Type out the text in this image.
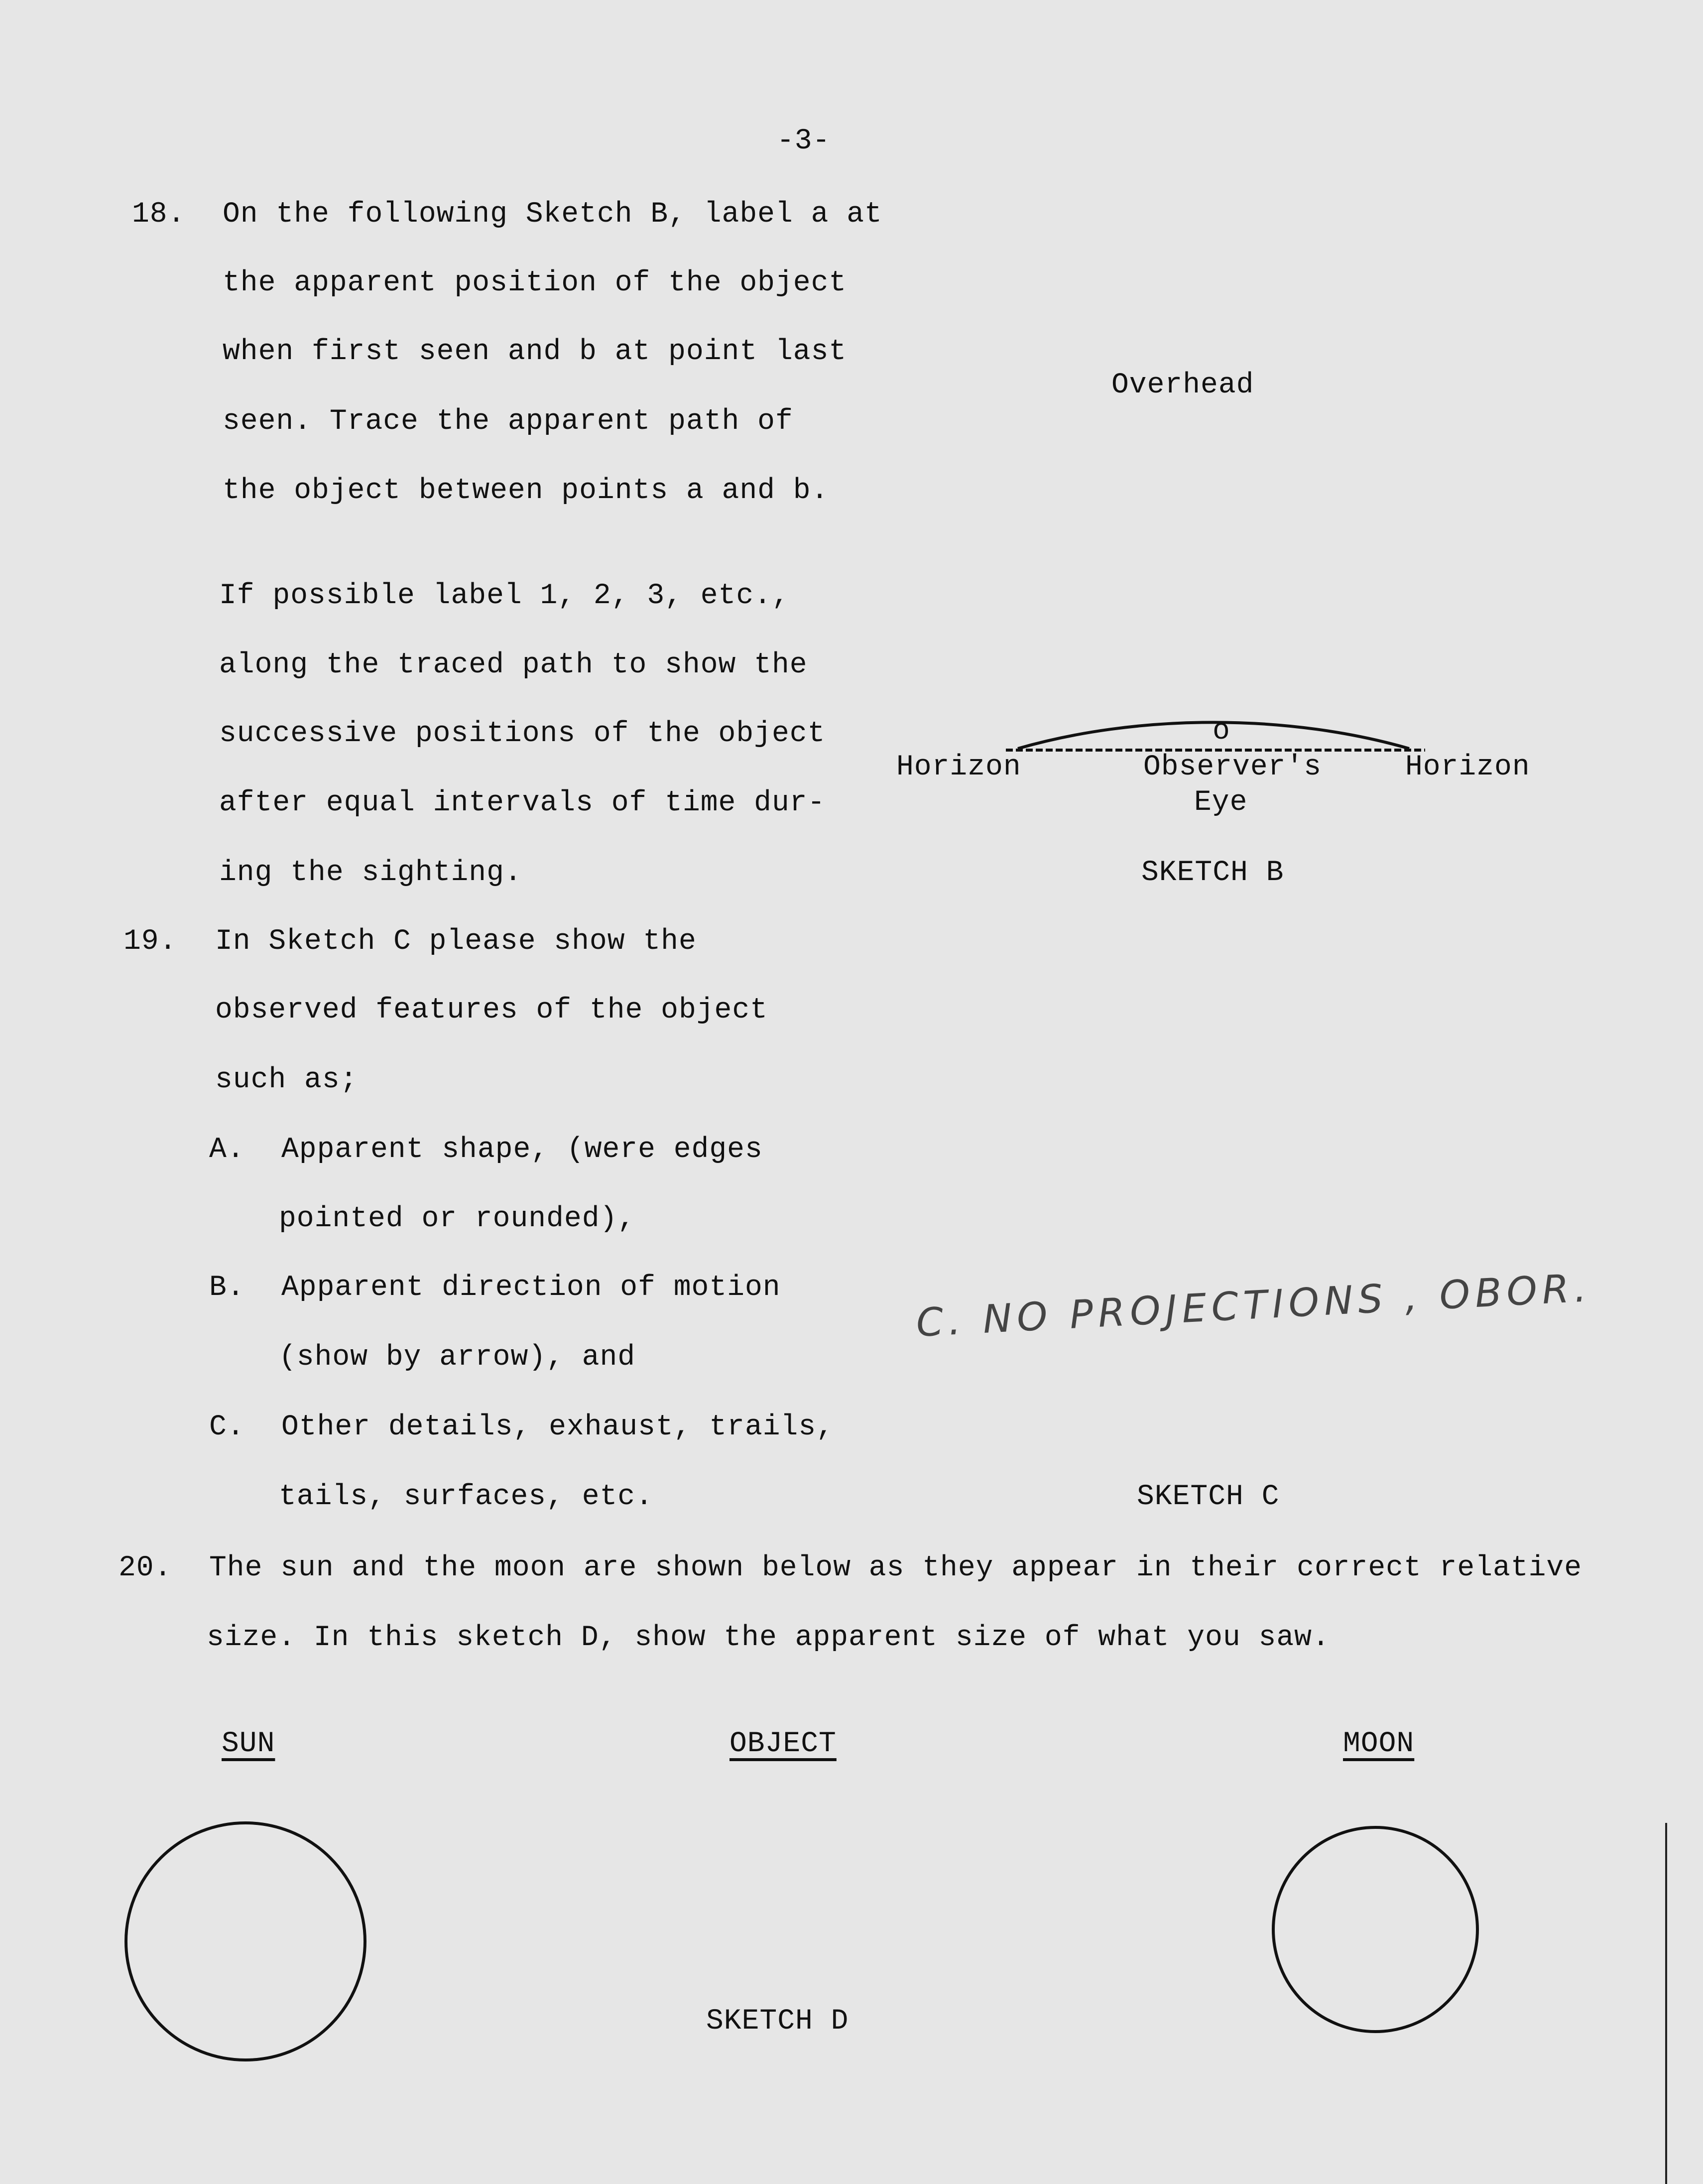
-3-
18. On the following Sketch B, label a at
the apparent position of the object
when first seen and b at point last
seen. Trace the apparent path of
the object between points a and b.
If possible label 1, 2, 3, etc.,
along the traced path to show the
successive positions of the object
after equal intervals of time dur-
ing the sighting.
Overhead
o
Horizon	Observer's	Horizon
Eye
SKETCH B
19. In Sketch C please show the
observed features of the object
such as;
A. Apparent shape, (were edges
pointed or rounded),
B. Apparent direction of motion
(show by arrow), and
C. Other details, exhaust, trails,
tails, surfaces, etc.
C. NO PROJECTIONS , OBOR.
SKETCH C
20. The sun and the moon are shown below as they appear in their correct relative
size. In this sketch D, show the apparent size of what you saw.
SUN	OBJECT	MOON
SKETCH D
